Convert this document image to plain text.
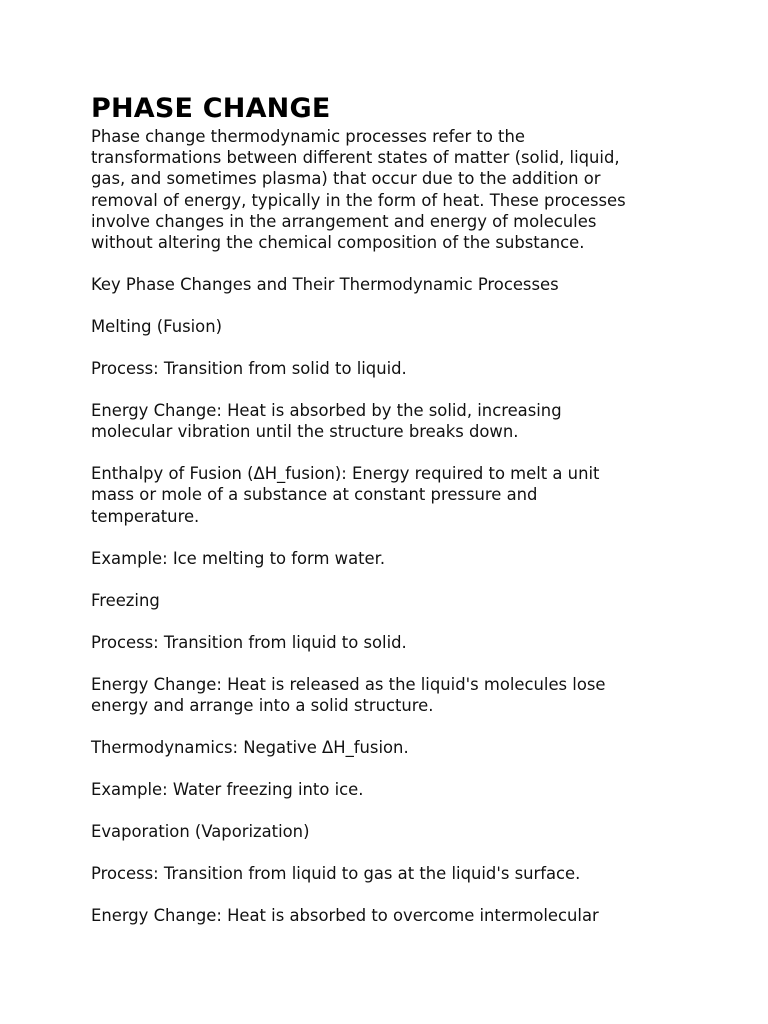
PHASE CHANGE

Phase change thermodynamic processes refer to the
transformations between different states of matter (solid, liquid,
gas, and sometimes plasma) that occur due to the addition or
removal of energy, typically in the form of heat. These processes
involve changes in the arrangement and energy of molecules
without altering the chemical composition of the substance.

Key Phase Changes and Their Thermodynamic Processes

Melting (Fusion)

Process: Transition from solid to liquid.

Energy Change: Heat is absorbed by the solid, increasing
molecular vibration until the structure breaks down.

Enthalpy of Fusion (ΔH_fusion): Energy required to melt a unit
mass or mole of a substance at constant pressure and
temperature.

Example: Ice melting to form water.

Freezing

Process: Transition from liquid to solid.

Energy Change: Heat is released as the liquid's molecules lose
energy and arrange into a solid structure.

Thermodynamics: Negative ΔH_fusion.

Example: Water freezing into ice.

Evaporation (Vaporization)

Process: Transition from liquid to gas at the liquid's surface.

Energy Change: Heat is absorbed to overcome intermolecular
